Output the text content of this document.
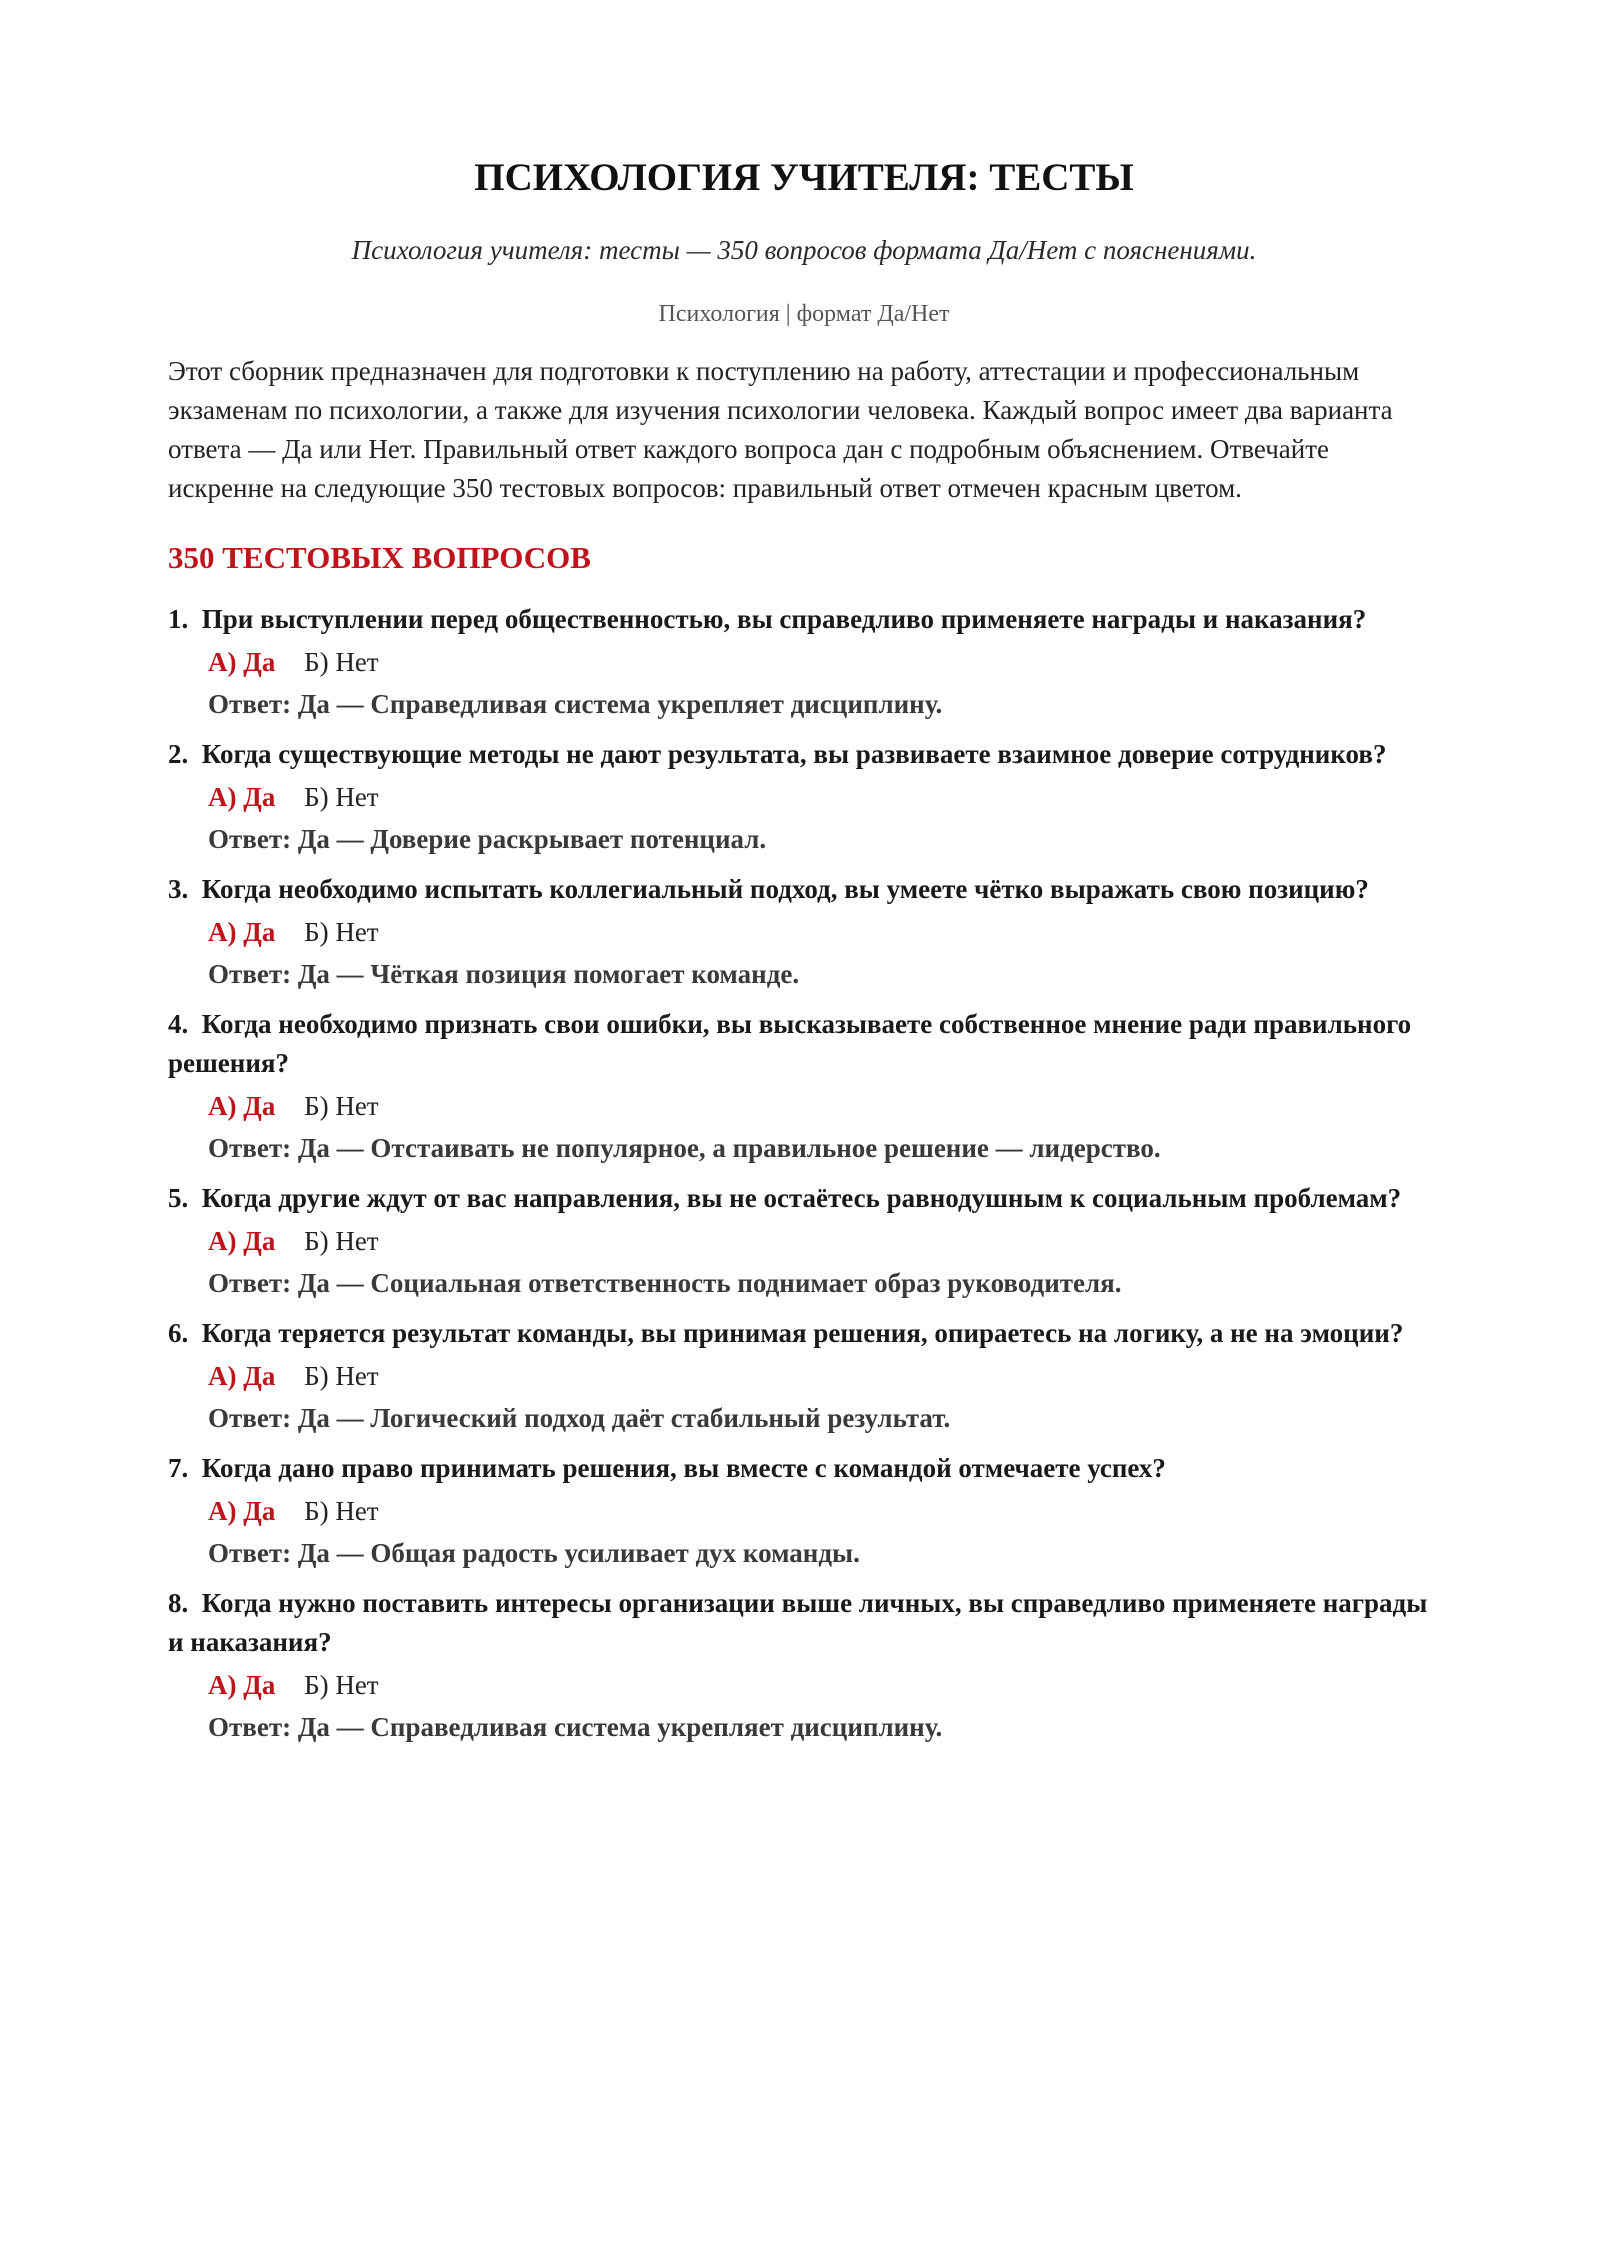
ПСИХОЛОГИЯ УЧИТЕЛЯ: ТЕСТЫ
Психология учителя: тесты — 350 вопросов формата Да/Нет с пояснениями.
Психология | формат Да/Нет
Этот сборник предназначен для подготовки к поступлению на работу, аттестации и профессиональным экзаменам по психологии, а также для изучения психологии человека. Каждый вопрос имеет два варианта ответа — Да или Нет. Правильный ответ каждого вопроса дан с подробным объяснением. Отвечайте искренне на следующие 350 тестовых вопросов: правильный ответ отмечен красным цветом.
350 ТЕСТОВЫХ ВОПРОСОВ
1. При выступлении перед общественностью, вы справедливо применяете награды и наказания?
А) Да Б) Нет
Ответ: Да — Справедливая система укрепляет дисциплину.
2. Когда существующие методы не дают результата, вы развиваете взаимное доверие сотрудников?
А) Да Б) Нет
Ответ: Да — Доверие раскрывает потенциал.
3. Когда необходимо испытать коллегиальный подход, вы умеете чётко выражать свою позицию?
А) Да Б) Нет
Ответ: Да — Чёткая позиция помогает команде.
4. Когда необходимо признать свои ошибки, вы высказываете собственное мнение ради правильного решения?
А) Да Б) Нет
Ответ: Да — Отстаивать не популярное, а правильное решение — лидерство.
5. Когда другие ждут от вас направления, вы не остаётесь равнодушным к социальным проблемам?
А) Да Б) Нет
Ответ: Да — Социальная ответственность поднимает образ руководителя.
6. Когда теряется результат команды, вы принимая решения, опираетесь на логику, а не на эмоции?
А) Да Б) Нет
Ответ: Да — Логический подход даёт стабильный результат.
7. Когда дано право принимать решения, вы вместе с командой отмечаете успех?
А) Да Б) Нет
Ответ: Да — Общая радость усиливает дух команды.
8. Когда нужно поставить интересы организации выше личных, вы справедливо применяете награды и наказания?
А) Да Б) Нет
Ответ: Да — Справедливая система укрепляет дисциплину.
